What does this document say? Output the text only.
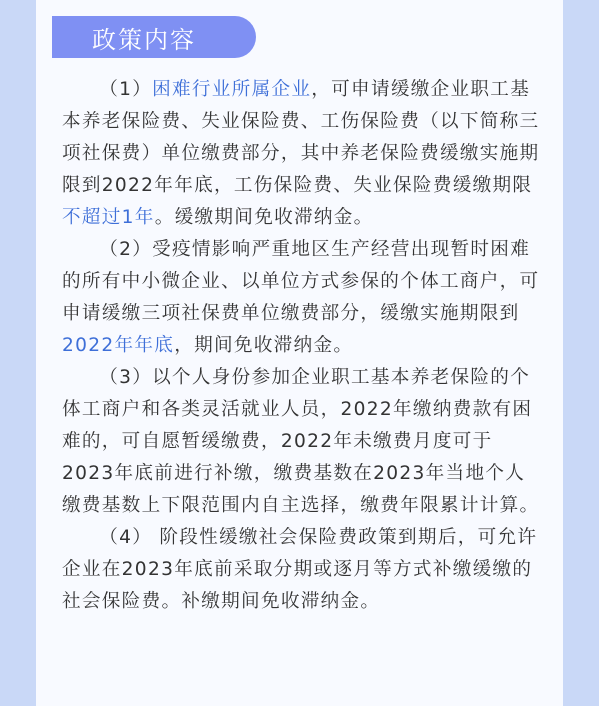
政策内容

（1）困难行业所属企业，可申请缓缴企业职工基本养老保险费、失业保险费、工伤保险费（以下简称三项社保费）单位缴费部分，其中养老保险费缓缴实施期限到2022年年底，工伤保险费、失业保险费缓缴期限不超过1年。缓缴期间免收滞纳金。

（2）受疫情影响严重地区生产经营出现暂时困难的所有中小微企业、以单位方式参保的个体工商户，可申请缓缴三项社保费单位缴费部分，缓缴实施期限到2022年年底，期间免收滞纳金。

（3）以个人身份参加企业职工基本养老保险的个体工商户和各类灵活就业人员，2022年缴纳费款有困难的，可自愿暂缓缴费，2022年未缴费月度可于2023年底前进行补缴，缴费基数在2023年当地个人缴费基数上下限范围内自主选择，缴费年限累计计算。

（4） 阶段性缓缴社会保险费政策到期后，可允许企业在2023年底前采取分期或逐月等方式补缴缓缴的社会保险费。补缴期间免收滞纳金。
